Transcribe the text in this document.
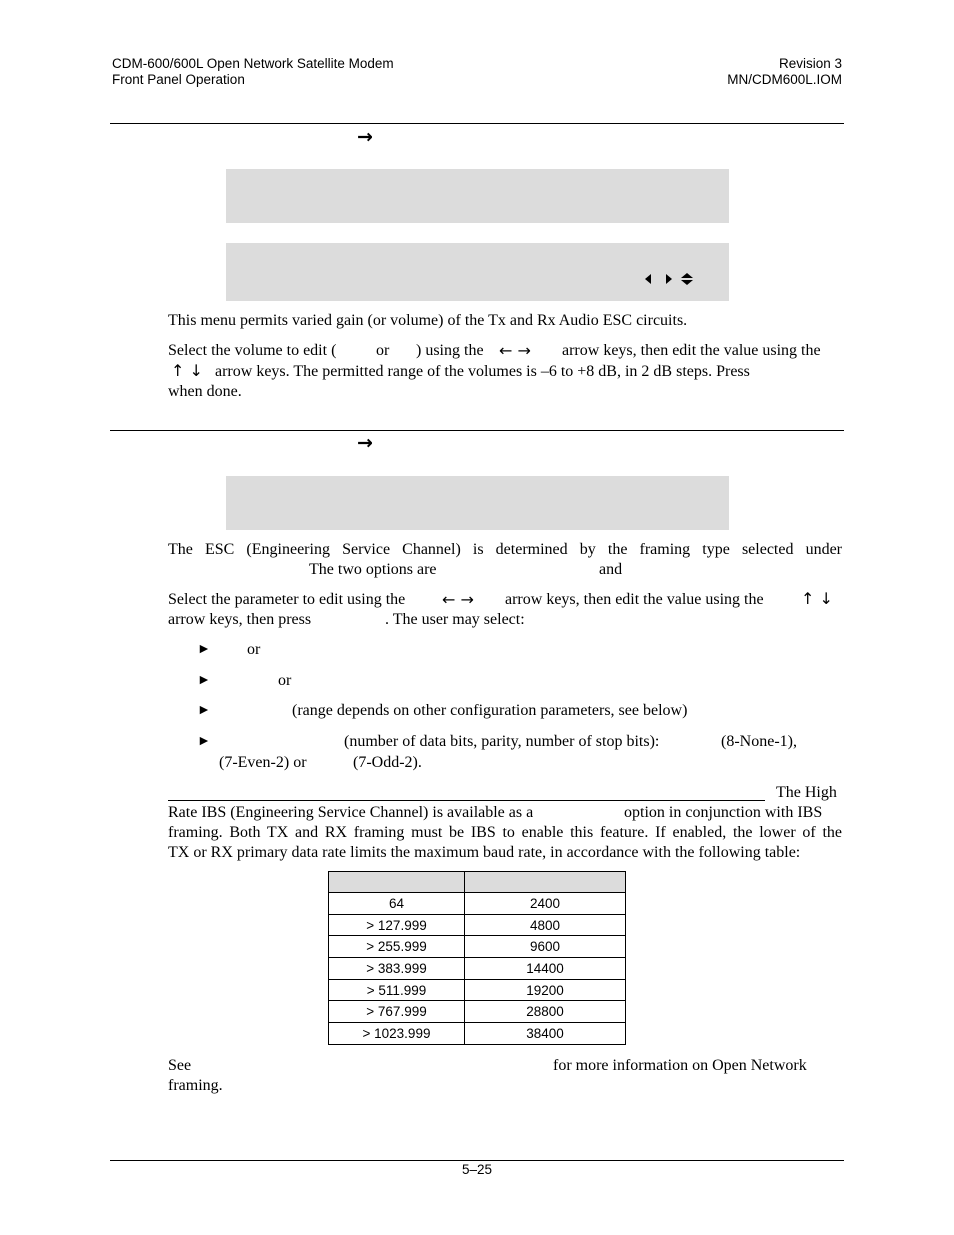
CDM-600/600L Open Network Satellite Modem
Front Panel Operation
Revision 3
MN/CDM600L.IOM
→
This menu permits varied gain (or volume) of the Tx and Rx Audio ESC circuits.
Select the volume to edit ( or ) using the ← → arrow keys, then edit the value using the
↑ ↓ arrow keys. The permitted range of the volumes is –6 to +8 dB, in 2 dB steps. Press
when done.
→
The ESC (Engineering Service Channel) is determined by the framing type selected under
The two options are	and
Select the parameter to edit using the ← → arrow keys, then edit the value using the ↑ ↓
arrow keys, then press	. The user may select:
► or
►	or
►	(range depends on other configuration parameters, see below)
►	(number of data bits, parity, number of stop bits):	(8-None-1),
(7-Even-2) or	(7-Odd-2).
The High
Rate IBS (Engineering Service Channel) is available as a	option in conjunction with IBS
framing. Both TX and RX framing must be IBS to enable this feature. If enabled, the lower of the
TX or RX primary data rate limits the maximum baud rate, in accordance with the following table:

64	2400
> 127.999	4800
> 255.999	9600
> 383.999	14400
> 511.999	19200
> 767.999	28800
> 1023.999	38400
See	for more information on Open Network
framing.
5–25
